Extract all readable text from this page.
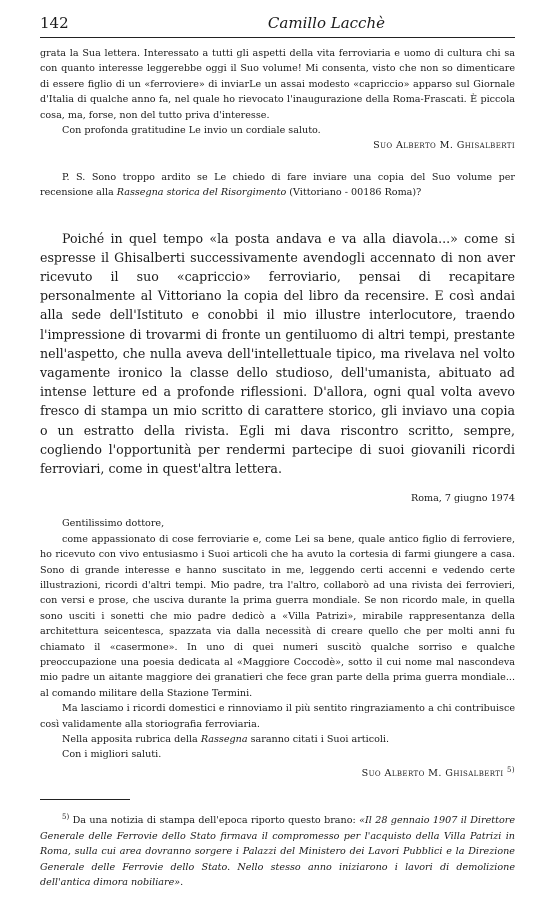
142	Camillo Lacchè

grata la Sua lettera. Interessato a tutti gli aspetti della vita ferroviaria e uomo di cultura chi sa con quanto interesse leggerebbe oggi il Suo volume! Mi consenta, visto che non so dimenticare di essere figlio di un «ferroviere» di inviarLe un assai modesto «capriccio» apparso sul Giornale d'Italia di qualche anno fa, nel quale ho rievocato l'inaugurazione della Roma-Frascati. È piccola cosa, ma, forse, non del tutto priva d'interesse.

Con profonda gratitudine Le invio un cordiale saluto.

Suo Alberto M. Ghisalberti

P. S. Sono troppo ardito se Le chiedo di fare inviare una copia del Suo volume per recensione alla Rassegna storica del Risorgimento (Vittoriano - 00186 Roma)?

Poiché in quel tempo «la posta andava e va alla diavola...» come si espresse il Ghisalberti successivamente avendogli accennato di non aver ricevuto il suo «capriccio» ferroviario, pensai di recapitare personalmente al Vittoriano la copia del libro da recensire. E così andai alla sede dell'Istituto e conobbi il mio illustre interlocutore, traendo l'impressione di trovarmi di fronte un gentiluomo di altri tempi, prestante nell'aspetto, che nulla aveva dell'intellettuale tipico, ma rivelava nel volto vagamente ironico la classe dello studioso, dell'umanista, abituato ad intense letture ed a profonde riflessioni. D'allora, ogni qual volta avevo fresco di stampa un mio scritto di carattere storico, gli inviavo una copia o un estratto della rivista. Egli mi dava riscontro scritto, sempre, cogliendo l'opportunità per rendermi partecipe di suoi giovanili ricordi ferroviari, come in quest'altra lettera.

Roma, 7 giugno 1974

Gentilissimo dottore,

come appassionato di cose ferroviarie e, come Lei sa bene, quale antico figlio di ferroviere, ho ricevuto con vivo entusiasmo i Suoi articoli che ha avuto la cortesia di farmi giungere a casa. Sono di grande interesse e hanno suscitato in me, leggendo certi accenni e vedendo certe illustrazioni, ricordi d'altri tempi. Mio padre, tra l'altro, collaborò ad una rivista dei ferrovieri, con versi e prose, che usciva durante la prima guerra mondiale. Se non ricordo male, in quella sono usciti i sonetti che mio padre dedicò a «Villa Patrizi», mirabile rappresentanza della architettura seicentesca, spazzata via dalla necessità di creare quello che per molti anni fu chiamato il «casermone». In uno di quei numeri suscitò qualche sorriso e qualche preoccupazione una poesia dedicata al «Maggiore Coccodè», sotto il cui nome mal nascondeva mio padre un aitante maggiore dei granatieri che fece gran parte della prima guerra mondiale... al comando militare della Stazione Termini.

Ma lasciamo i ricordi domestici e rinnoviamo il più sentito ringraziamento a chi contribuisce così validamente alla storiografia ferroviaria.

Nella apposita rubrica della Rassegna saranno citati i Suoi articoli.

Con i migliori saluti.

Suo Alberto M. Ghisalberti $^{5)}$

$^{5)}$ Da una notizia di stampa dell'epoca riporto questo brano: «Il 28 gennaio 1907 il Direttore Generale delle Ferrovie dello Stato firmava il compromesso per l'acquisto della Villa Patrizi in Roma, sulla cui area dovranno sorgere i Palazzi del Ministero dei Lavori Pubblici e la Direzione Generale delle Ferrovie dello Stato. Nello stesso anno iniziarono i lavori di demolizione dell'antica dimora nobiliare».
